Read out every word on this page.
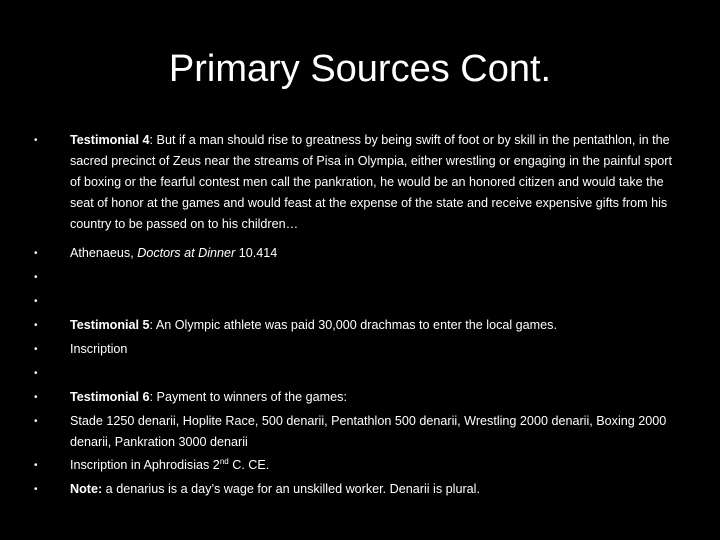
Primary Sources Cont.
•	Testimonial 4: But if a man should rise to greatness by being swift of foot or by skill in the pentathlon, in the sacred precinct of Zeus near the streams of Pisa in Olympia, either wrestling or engaging in the painful sport of boxing or the fearful contest men call the pankration, he would be an honored citizen and would take the seat of honor at the games and would feast at the expense of the state and receive expensive gifts from his country to be passed on to his children…
•	Athenaeus, Doctors at Dinner 10.414
•
•
•	Testimonial 5: An Olympic athlete was paid 30,000 drachmas to enter the local games.
•	Inscription
•
•	Testimonial 6: Payment to winners of the games:
•	Stade 1250 denarii, Hoplite Race, 500 denarii, Pentathlon 500 denarii, Wrestling 2000 denarii, Boxing 2000 denarii, Pankration 3000 denarii
•	Inscription in Aphrodisias 2nd C. CE.
•	Note: a denarius is a day’s wage for an unskilled worker. Denarii is plural.
